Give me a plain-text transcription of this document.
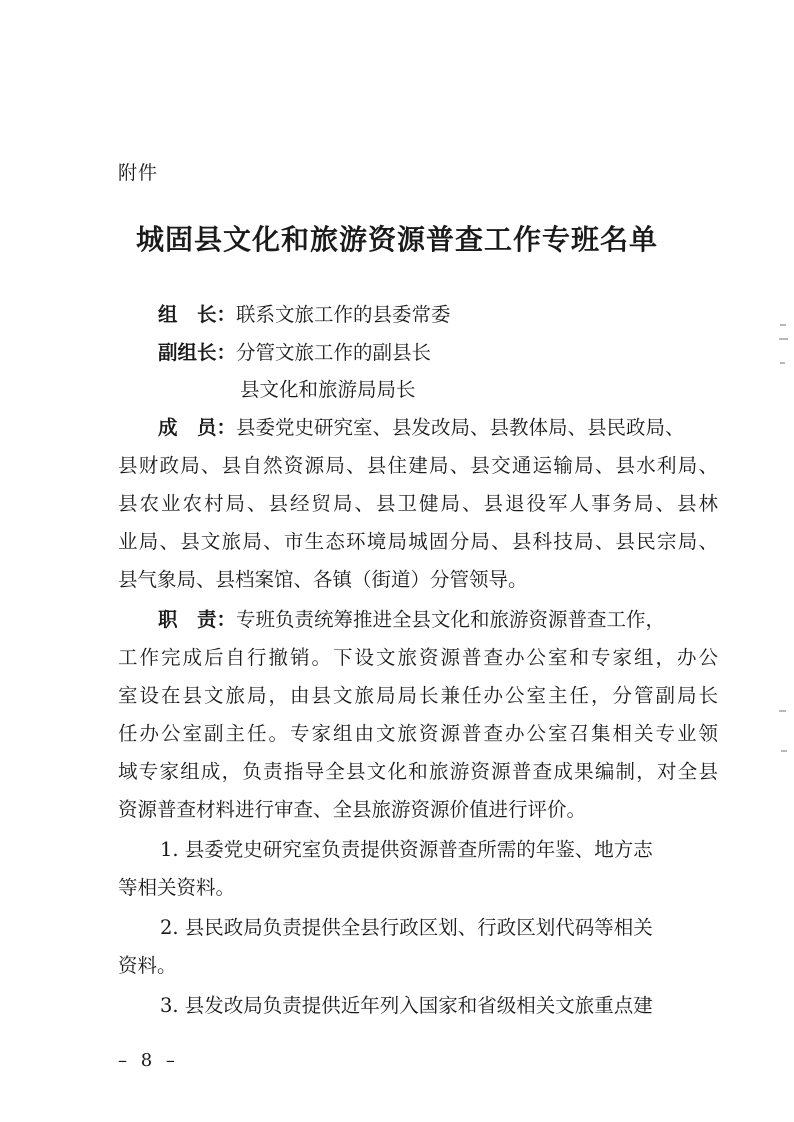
附件
城固县文化和旅游资源普查工作专班名单
组　长：联系文旅工作的县委常委
副组长：分管文旅工作的副县长
县文化和旅游局局长
成　员：县委党史研究室、县发改局、县教体局、县民政局、
县财政局、县自然资源局、县住建局、县交通运输局、县水利局、
县农业农村局、县经贸局、县卫健局、县退役军人事务局、县林
业局、县文旅局、市生态环境局城固分局、县科技局、县民宗局、
县气象局、县档案馆、各镇（街道）分管领导。
职　责：专班负责统筹推进全县文化和旅游资源普查工作，
工作完成后自行撤销。下设文旅资源普查办公室和专家组，办公
室设在县文旅局，由县文旅局局长兼任办公室主任，分管副局长
任办公室副主任。专家组由文旅资源普查办公室召集相关专业领
域专家组成，负责指导全县文化和旅游资源普查成果编制，对全县
资源普查材料进行审查、全县旅游资源价值进行评价。
1. 县委党史研究室负责提供资源普查所需的年鉴、地方志
等相关资料。
2. 县民政局负责提供全县行政区划、行政区划代码等相关
资料。
3. 县发改局负责提供近年列入国家和省级相关文旅重点建
– 8 –
